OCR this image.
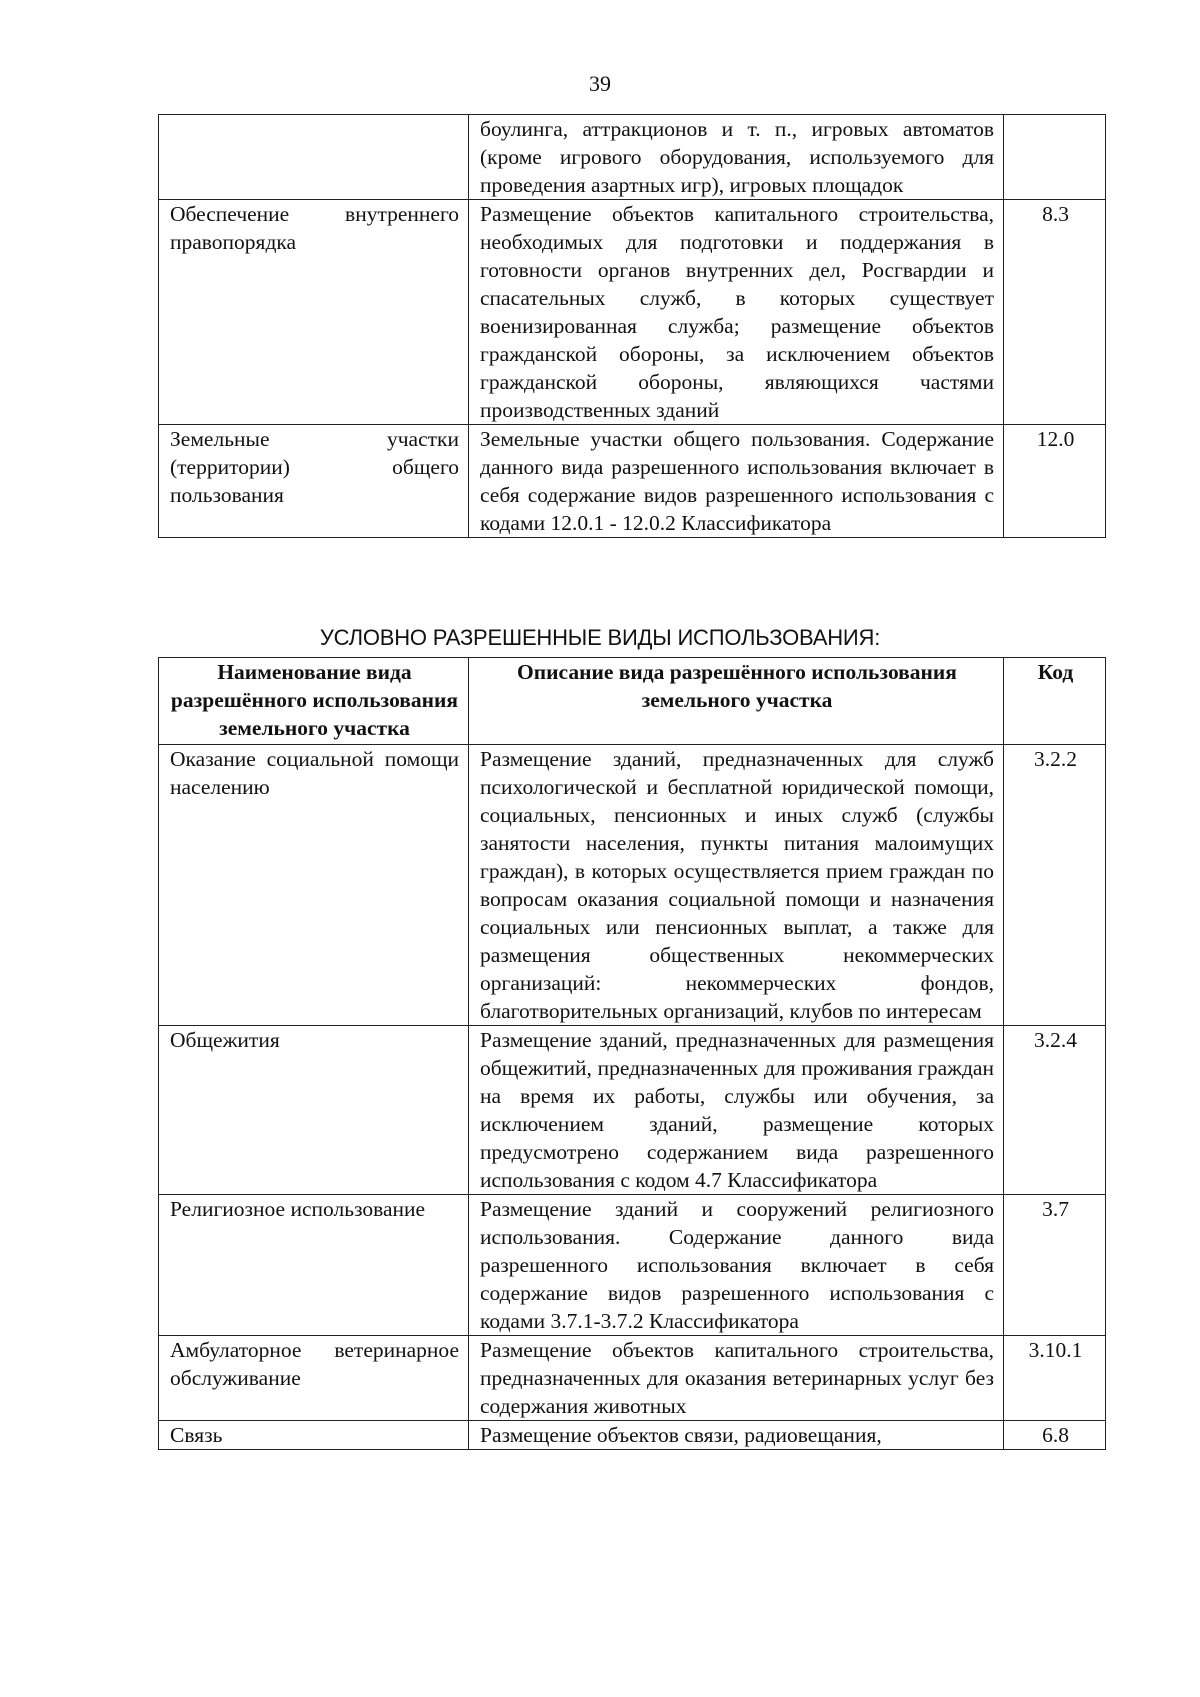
39
	боулинга, аттракционов и т. п., игровых автоматов (кроме игрового оборудования, используемого для проведения азартных игр), игровых площадок	
Обеспечение внутреннего правопорядка	Размещение объектов капитального строительства, необходимых для подготовки и поддержания в готовности органов внутренних дел, Росгвардии и спасательных служб, в которых существует военизированная служба; размещение объектов гражданской обороны, за исключением объектов гражданской обороны, являющихся частями производственных зданий	8.3
Земельные участки (территории) общего пользования	Земельные участки общего пользования. Содержание данного вида разрешенного использования включает в себя содержание видов разрешенного использования с кодами 12.0.1 - 12.0.2 Классификатора	12.0
УСЛОВНО РАЗРЕШЕННЫЕ ВИДЫ ИСПОЛЬЗОВАНИЯ:
Наименование вида разрешённого использования земельного участка	Описание вида разрешённого использования земельного участка	Код
Оказание социальной помощи населению	Размещение зданий, предназначенных для служб психологической и бесплатной юридической помощи, социальных, пенсионных и иных служб (службы занятости населения, пункты питания малоимущих граждан), в которых осуществляется прием граждан по вопросам оказания социальной помощи и назначения социальных или пенсионных выплат, а также для размещения общественных некоммерческих организаций: некоммерческих фондов, благотворительных организаций, клубов по интересам	3.2.2
Общежития	Размещение зданий, предназначенных для размещения общежитий, предназначенных для проживания граждан на время их работы, службы или обучения, за исключением зданий, размещение которых предусмотрено содержанием вида разрешенного использования с кодом 4.7 Классификатора	3.2.4
Религиозное использование	Размещение зданий и сооружений религиозного использования. Содержание данного вида разрешенного использования включает в себя содержание видов разрешенного использования с кодами 3.7.1-3.7.2 Классификатора	3.7
Амбулаторное ветеринарное обслуживание	Размещение объектов капитального строительства, предназначенных для оказания ветеринарных услуг без содержания животных	3.10.1
Связь	Размещение объектов связи, радиовещания,	6.8
